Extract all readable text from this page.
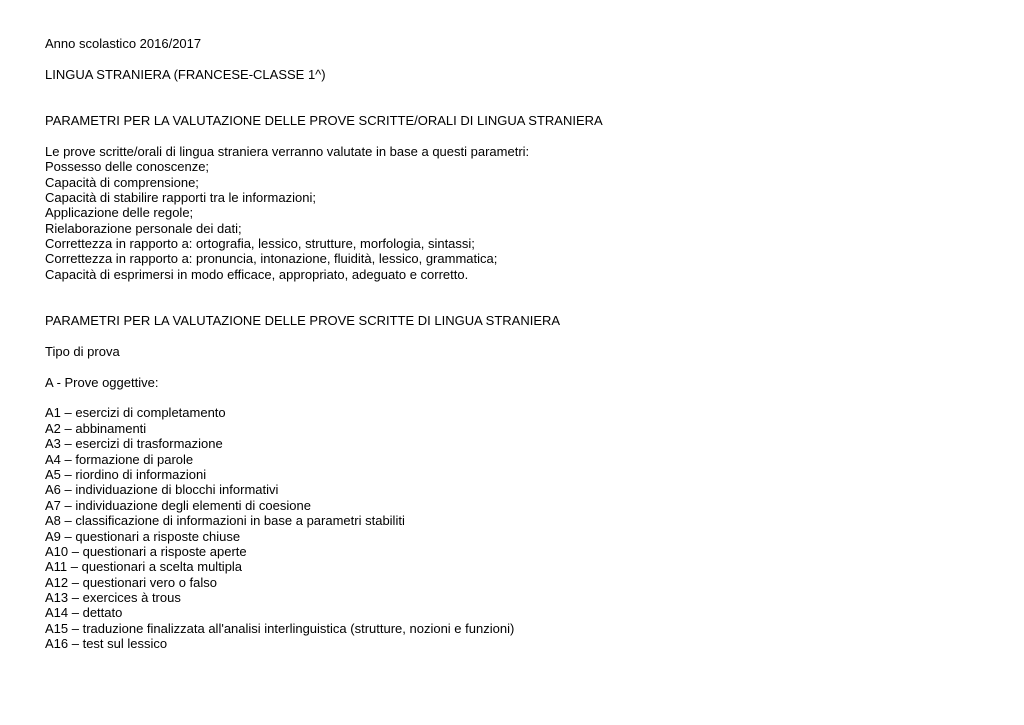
Anno scolastico 2016/2017
LINGUA STRANIERA (FRANCESE-CLASSE 1^)
PARAMETRI PER LA VALUTAZIONE DELLE PROVE SCRITTE/ORALI DI LINGUA STRANIERA
Le prove scritte/orali di lingua straniera verranno valutate in base a questi parametri:
Possesso delle conoscenze;
Capacità di comprensione;
Capacità di stabilire rapporti tra le informazioni;
Applicazione delle regole;
Rielaborazione personale dei dati;
Correttezza in rapporto a: ortografia, lessico, strutture, morfologia, sintassi;
Correttezza in rapporto a: pronuncia, intonazione, fluidità, lessico, grammatica;
Capacità di esprimersi in modo efficace, appropriato, adeguato e corretto.
PARAMETRI PER LA VALUTAZIONE DELLE PROVE SCRITTE DI LINGUA STRANIERA
Tipo di prova
A - Prove oggettive:
A1 – esercizi di completamento
A2 – abbinamenti
A3 – esercizi di trasformazione
A4 – formazione di parole
A5 – riordino di informazioni
A6 – individuazione di blocchi informativi
A7 – individuazione degli elementi di coesione
A8 – classificazione di informazioni in base a parametri stabiliti
A9 – questionari a risposte chiuse
A10 – questionari a risposte aperte
A11 – questionari a scelta multipla
A12 – questionari vero o falso
A13 – exercices à trous
A14 – dettato
A15 – traduzione finalizzata all'analisi interlinguistica (strutture, nozioni e funzioni)
A16 – test sul lessico
